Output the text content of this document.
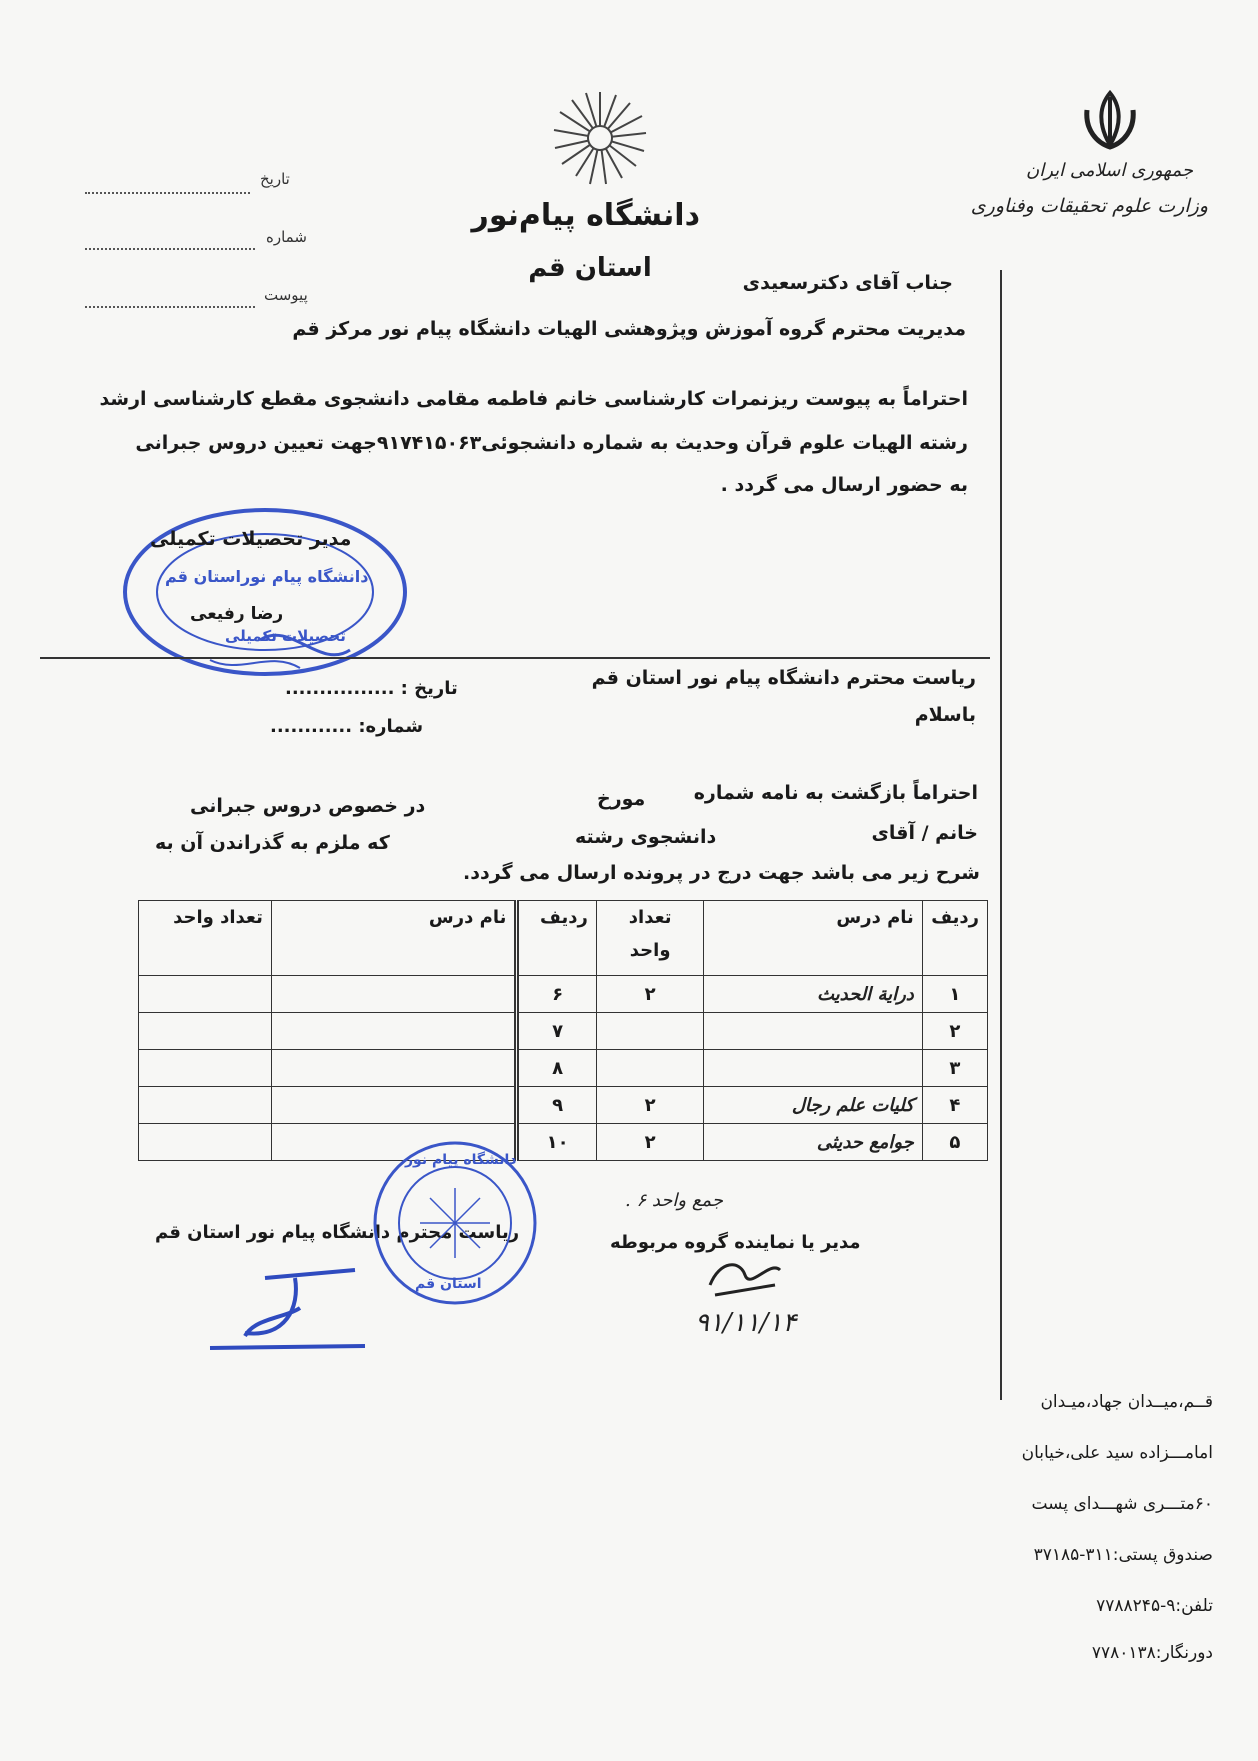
جمهوری اسلامی ایران
وزارت علوم تحقیقات وفناوری
دانشگاه پیام‌نور
استان قم
تاریخ
شماره
پیوست
جناب آقای دکترسعیدی
مدیریت محترم گروه آموزش وپژوهشی الهیات دانشگاه پیام نور مرکز قم
احتراماً به پیوست ریزنمرات کارشناسی خانم فاطمه مقامی دانشجوی مقطع کارشناسی ارشد
رشته الهیات علوم قرآن وحدیث به شماره دانشجوئی۹۱۷۴۱۵۰۶۳جهت تعیین دروس جبرانی
به حضور ارسال می گردد .
مدیر تحصیلات تکمیلی
دانشگاه پیام نوراستان قم
رضا رفیعی
تحصیلات تکمیلی
ریاست محترم دانشگاه پیام نور استان قم
باسلام
تاریخ : ................
شماره: ............
احتراماً بازگشت به نامه شماره
مورخ
در خصوص دروس جبرانی
خانم / آقای
دانشجوی رشته
که ملزم به گذراندن آن به
شرح زیر می باشد جهت درج در پرونده ارسال می گردد.
ردیف	نام درس	تعداد
واحد	ردیف	نام درس	تعداد واحد
۱	درایة الحدیث	۲	۶		
۲			۷		
۳			۸		
۴	کلیات علم رجال	۲	۹		
۵	جوامع حدیثی	۲	۱۰		
جمع واحد ۶ .
مدیر یا نماینده گروه مربوطه
۹۱/۱۱/۱۴
ریاست محترم دانشگاه پیام نور استان قم
دانشگاه پیام نور
استان قم
قــم،میــدان جهاد،میـدان
امامـــزاده سید علی،خیابان
۶۰متـــری شهـــدای پست
صندوق پستی:۳۱۱-۳۷۱۸۵
تلفن:۹-۷۷۸۸۲۴۵
دورنگار:۷۷۸۰۱۳۸
